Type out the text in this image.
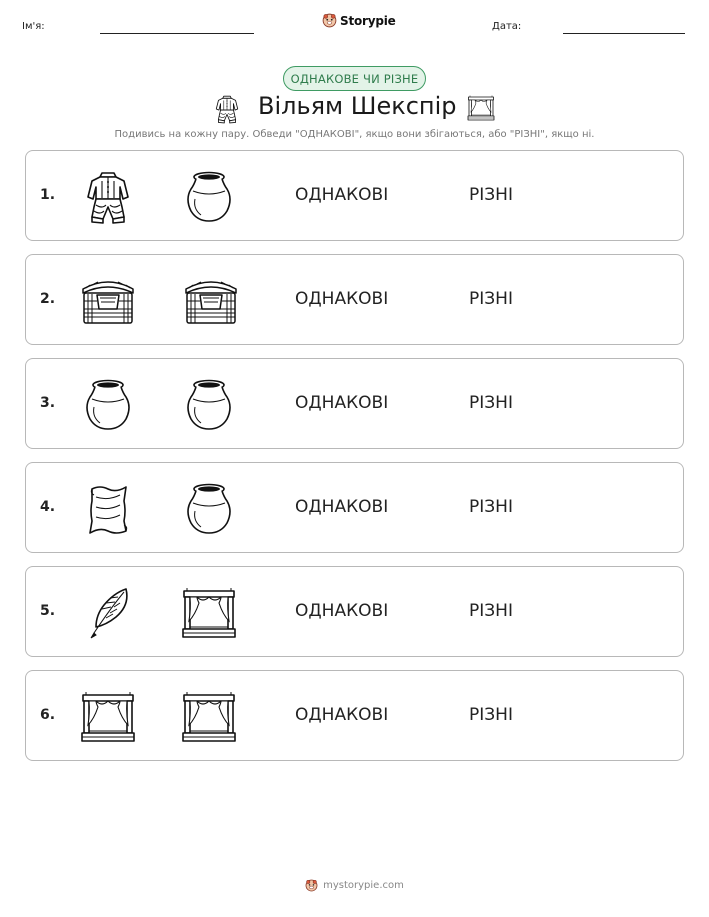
Ім'я:	Storypie	Дата:
ОДНАКОВЕ ЧИ РІЗНЕ
Вільям Шекспір
Подивись на кожну пару. Обведи "ОДНАКОВІ", якщо вони збігаються, або "РІЗНІ", якщо ні.
1.	ОДНАКОВІ	РІЗНІ
2.	ОДНАКОВІ	РІЗНІ
3.	ОДНАКОВІ	РІЗНІ
4.	ОДНАКОВІ	РІЗНІ
5.	ОДНАКОВІ	РІЗНІ
6.	ОДНАКОВІ	РІЗНІ
mystorypie.com
